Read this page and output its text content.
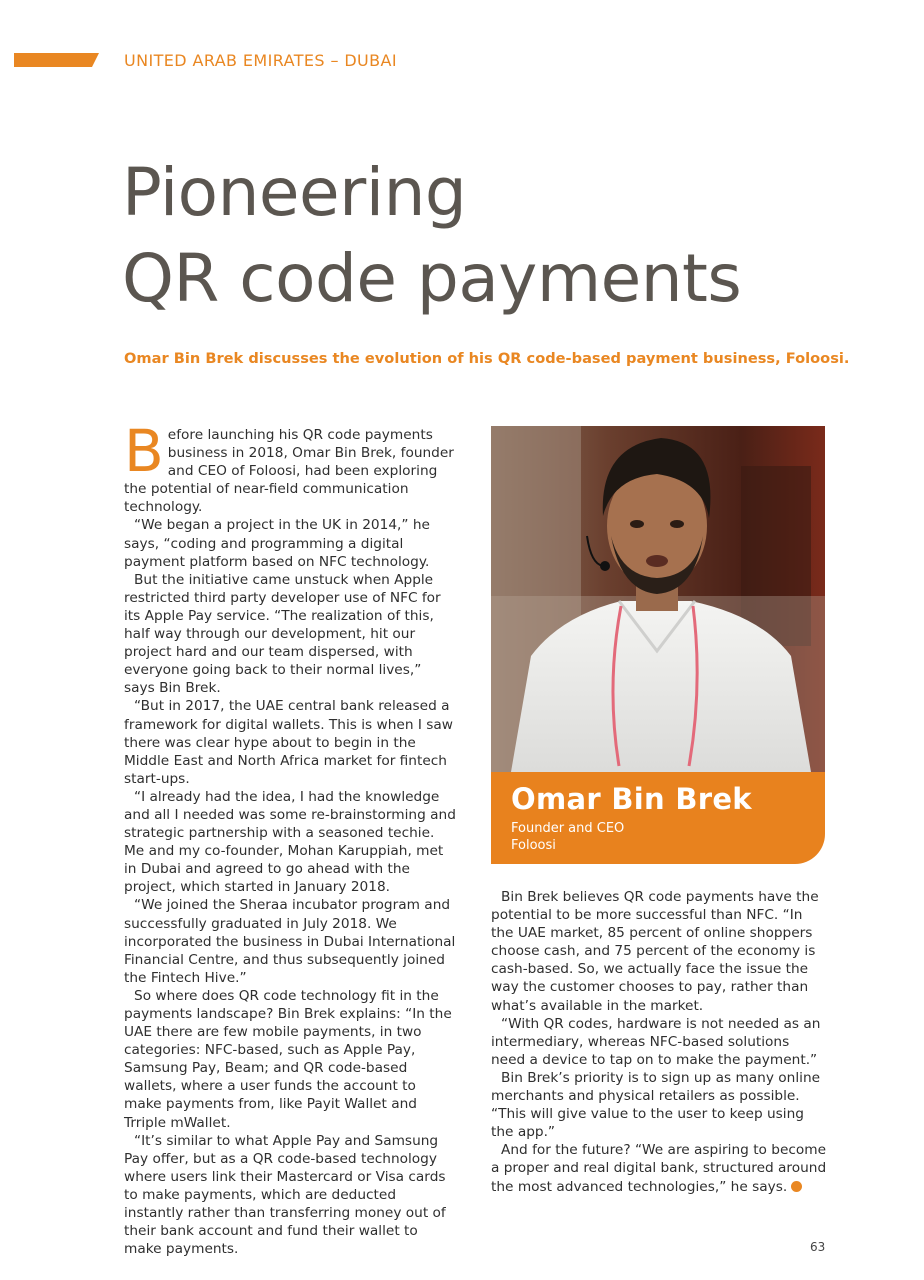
UNITED ARAB EMIRATES – DUBAI
Pioneering
QR code payments
Omar Bin Brek discusses the evolution of his QR code-based payment business, Foloosi.

Before launching his QR code payments business in 2018, Omar Bin Brek, founder and CEO of Foloosi, had been exploring the potential of near-field communication technology.

“We began a project in the UK in 2014,” he says, “coding and programming a digital payment platform based on NFC technology.

But the initiative came unstuck when Apple restricted third party developer use of NFC for its Apple Pay service. “The realization of this, half way through our development, hit our project hard and our team dispersed, with everyone going back to their normal lives,” says Bin Brek.

“But in 2017, the UAE central bank released a framework for digital wallets. This is when I saw there was clear hype about to begin in the Middle East and North Africa market for fintech start-ups.

“I already had the idea, I had the knowledge and all I needed was some re-brainstorming and strategic partnership with a seasoned techie. Me and my co-founder, Mohan Karuppiah, met in Dubai and agreed to go ahead with the project, which started in January 2018.

“We joined the Sheraa incubator program and successfully graduated in July 2018. We incorporated the business in Dubai International Financial Centre, and thus subsequently joined the Fintech Hive.”

So where does QR code technology fit in the payments landscape? Bin Brek explains: “In the UAE there are few mobile payments, in two categories: NFC-based, such as Apple Pay, Samsung Pay, Beam; and QR code-based wallets, where a user funds the account to make payments from, like Payit Wallet and Trriple mWallet.

“It’s similar to what Apple Pay and Samsung Pay offer, but as a QR code-based technology where users link their Mastercard or Visa cards to make payments, which are deducted instantly rather than transferring money out of their bank account and fund their wallet to make payments.

Omar Bin Brek
Founder and CEO
Foloosi

Bin Brek believes QR code payments have the potential to be more successful than NFC. “In the UAE market, 85 percent of online shoppers choose cash, and 75 percent of the economy is cash-based. So, we actually face the issue the way the customer chooses to pay, rather than what’s available in the market.

“With QR codes, hardware is not needed as an intermediary, whereas NFC-based solutions need a device to tap on to make the payment.”

Bin Brek’s priority is to sign up as many online merchants and physical retailers as possible. “This will give value to the user to keep using the app.”

And for the future? “We are aspiring to become a proper and real digital bank, structured around the most advanced technologies,” he says.

63
